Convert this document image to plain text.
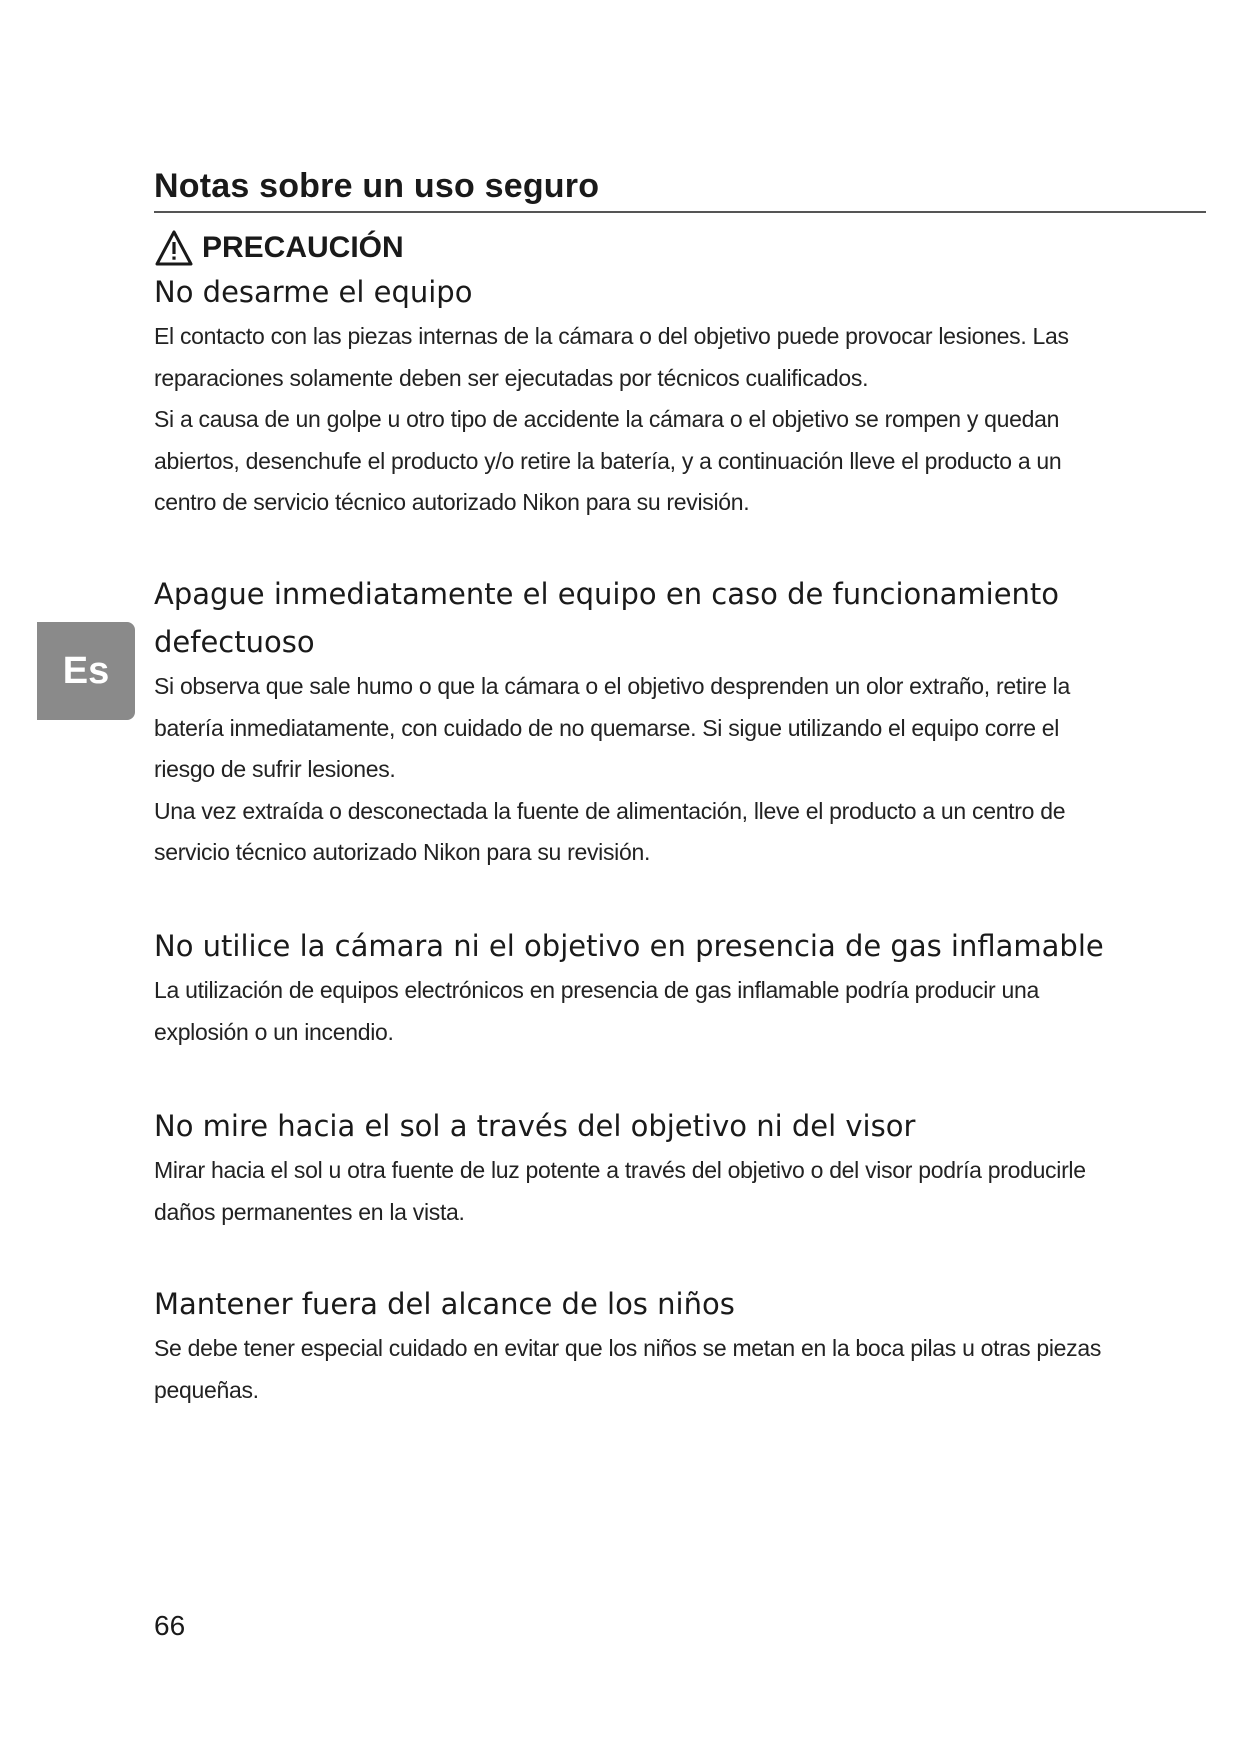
Notas sobre un uso seguro
PRECAUCIÓN
Es
No desarme el equipo

El contacto con las piezas internas de la cámara o del objetivo puede provocar lesiones. Las reparaciones solamente deben ser ejecutadas por técnicos cualificados.

Si a causa de un golpe u otro tipo de accidente la cámara o el objetivo se rompen y quedan abiertos, desenchufe el producto y/o retire la batería, y a continuación lleve el producto a un centro de servicio técnico autorizado Nikon para su revisión.

Apague inmediatamente el equipo en caso de funcionamiento defectuoso

Si observa que sale humo o que la cámara o el objetivo desprenden un olor extraño, retire la batería inmediatamente, con cuidado de no quemarse. Si sigue utilizando el equipo corre el riesgo de sufrir lesiones.

Una vez extraída o desconectada la fuente de alimentación, lleve el producto a un centro de servicio técnico autorizado Nikon para su revisión.

No utilice la cámara ni el objetivo en presencia de gas inflamable

La utilización de equipos electrónicos en presencia de gas inflamable podría producir una explosión o un incendio.

No mire hacia el sol a través del objetivo ni del visor

Mirar hacia el sol u otra fuente de luz potente a través del objetivo o del visor podría producirle daños permanentes en la vista.

Mantener fuera del alcance de los niños

Se debe tener especial cuidado en evitar que los niños se metan en la boca pilas u otras piezas pequeñas.

66
